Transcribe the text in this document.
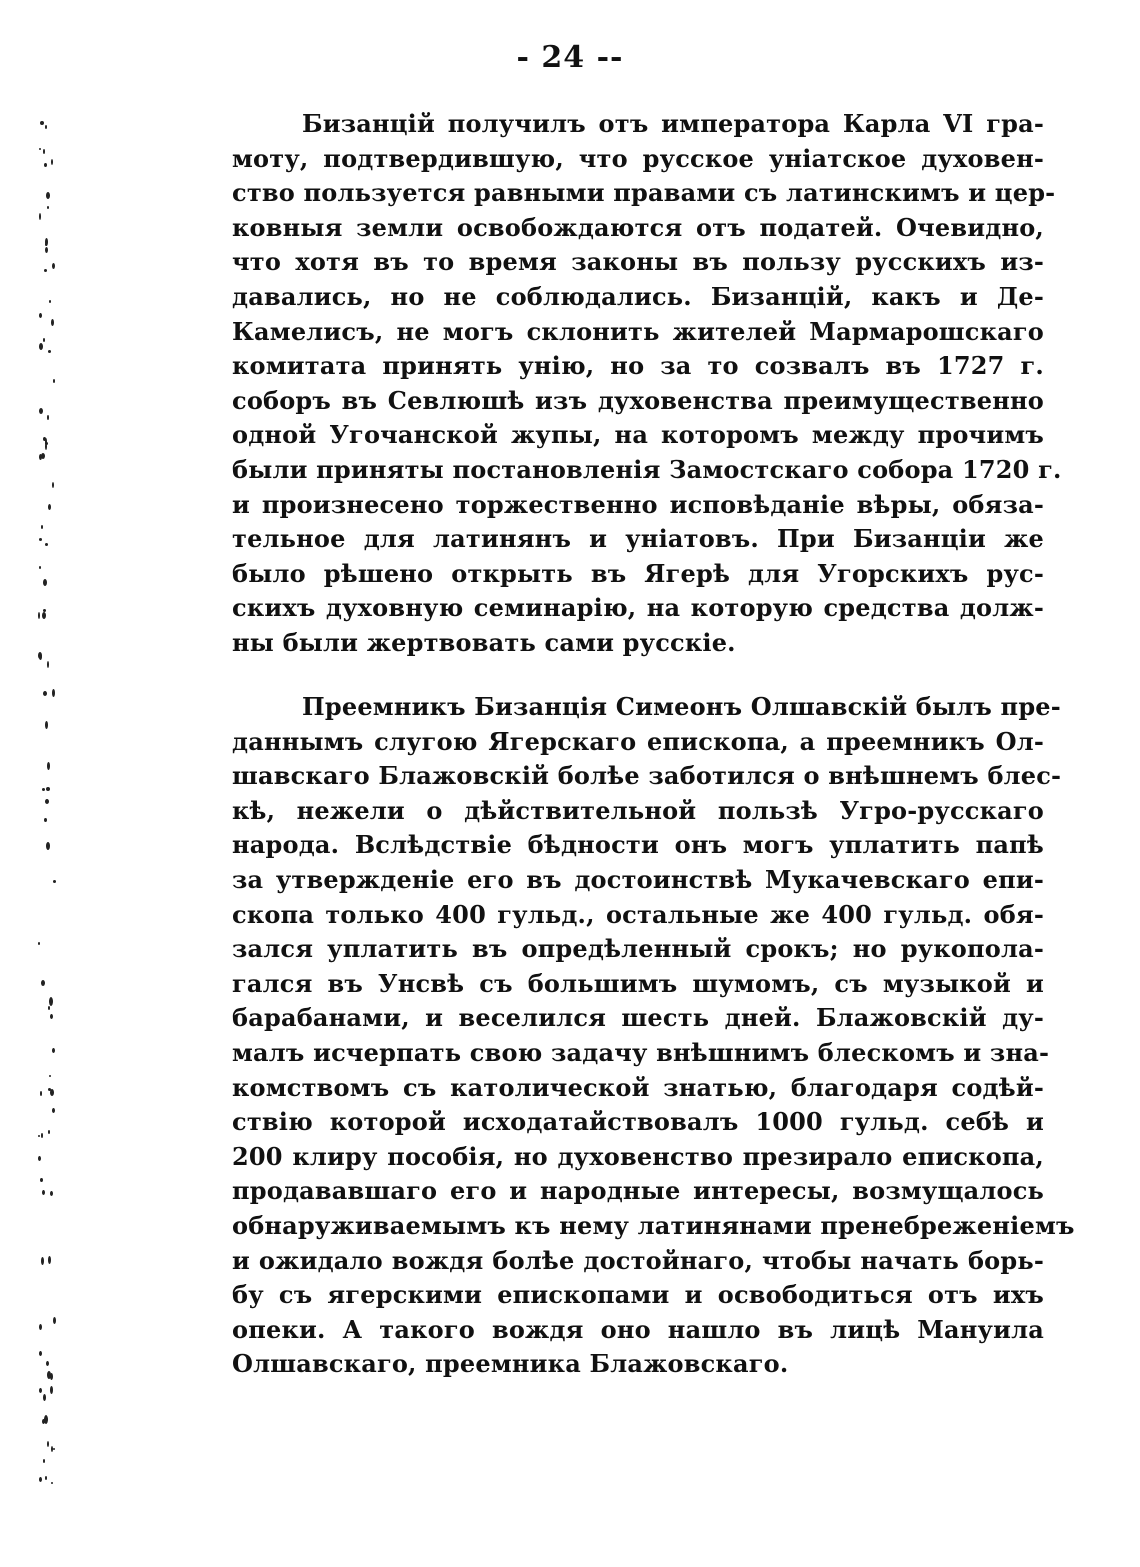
- 24 --
Бизанцій получилъ отъ императора Карла VI гра-
моту, подтвердившую, что русское уніатское духовен-
ство пользуется равными правами съ латинскимъ и цер-
ковныя земли освобождаются отъ податей. Очевидно,
что хотя въ то время законы въ пользу русскихъ из-
давались, но не соблюдались. Бизанцій, какъ и Де-
Камелисъ, не могъ склонить жителей Мармарошскаго
комитата принять унію, но за то созвалъ въ 1727 г.
соборъ въ Севлюшѣ изъ духовенства преимущественно
одной Угочанской жупы, на которомъ между прочимъ
были приняты постановленія Замостскаго собора 1720 г.
и произнесено торжественно исповѣданіе вѣры, обяза-
тельное для латинянъ и уніатовъ. При Бизанціи же
было рѣшено открыть въ Ягерѣ для Угорскихъ рус-
скихъ духовную семинарію, на которую средства долж-
ны были жертвовать сами русскіе.
Преемникъ Бизанція Симеонъ Олшавскій былъ пре-
даннымъ слугою Ягерскаго епископа, а преемникъ Ол-
шавскаго Блажовскій болѣе заботился о внѣшнемъ блес-
кѣ, нежели о дѣйствительной пользѣ Угро-русскаго
народа. Вслѣдствіе бѣдности онъ могъ уплатить папѣ
за утвержденіе его въ достоинствѣ Мукачевскаго епи-
скопа только 400 гульд., остальные же 400 гульд. обя-
зался уплатить въ опредѣленный срокъ; но рукопола-
гался въ Унсвѣ съ большимъ шумомъ, съ музыкой и
барабанами, и веселился шесть дней. Блажовскій ду-
малъ исчерпать свою задачу внѣшнимъ блескомъ и зна-
комствомъ съ католической знатью, благодаря содѣй-
ствію которой исходатайствовалъ 1000 гульд. себѣ и
200 клиру пособія, но духовенство презирало епископа,
продававшаго его и народные интересы, возмущалось
обнаруживаемымъ къ нему латинянами пренебреженіемъ
и ожидало вождя болѣе достойнаго, чтобы начать борь-
бу съ ягерскими епископами и освободиться отъ ихъ
опеки. А такого вождя оно нашло въ лицѣ Мануила
Олшавскаго, преемника Блажовскаго.
